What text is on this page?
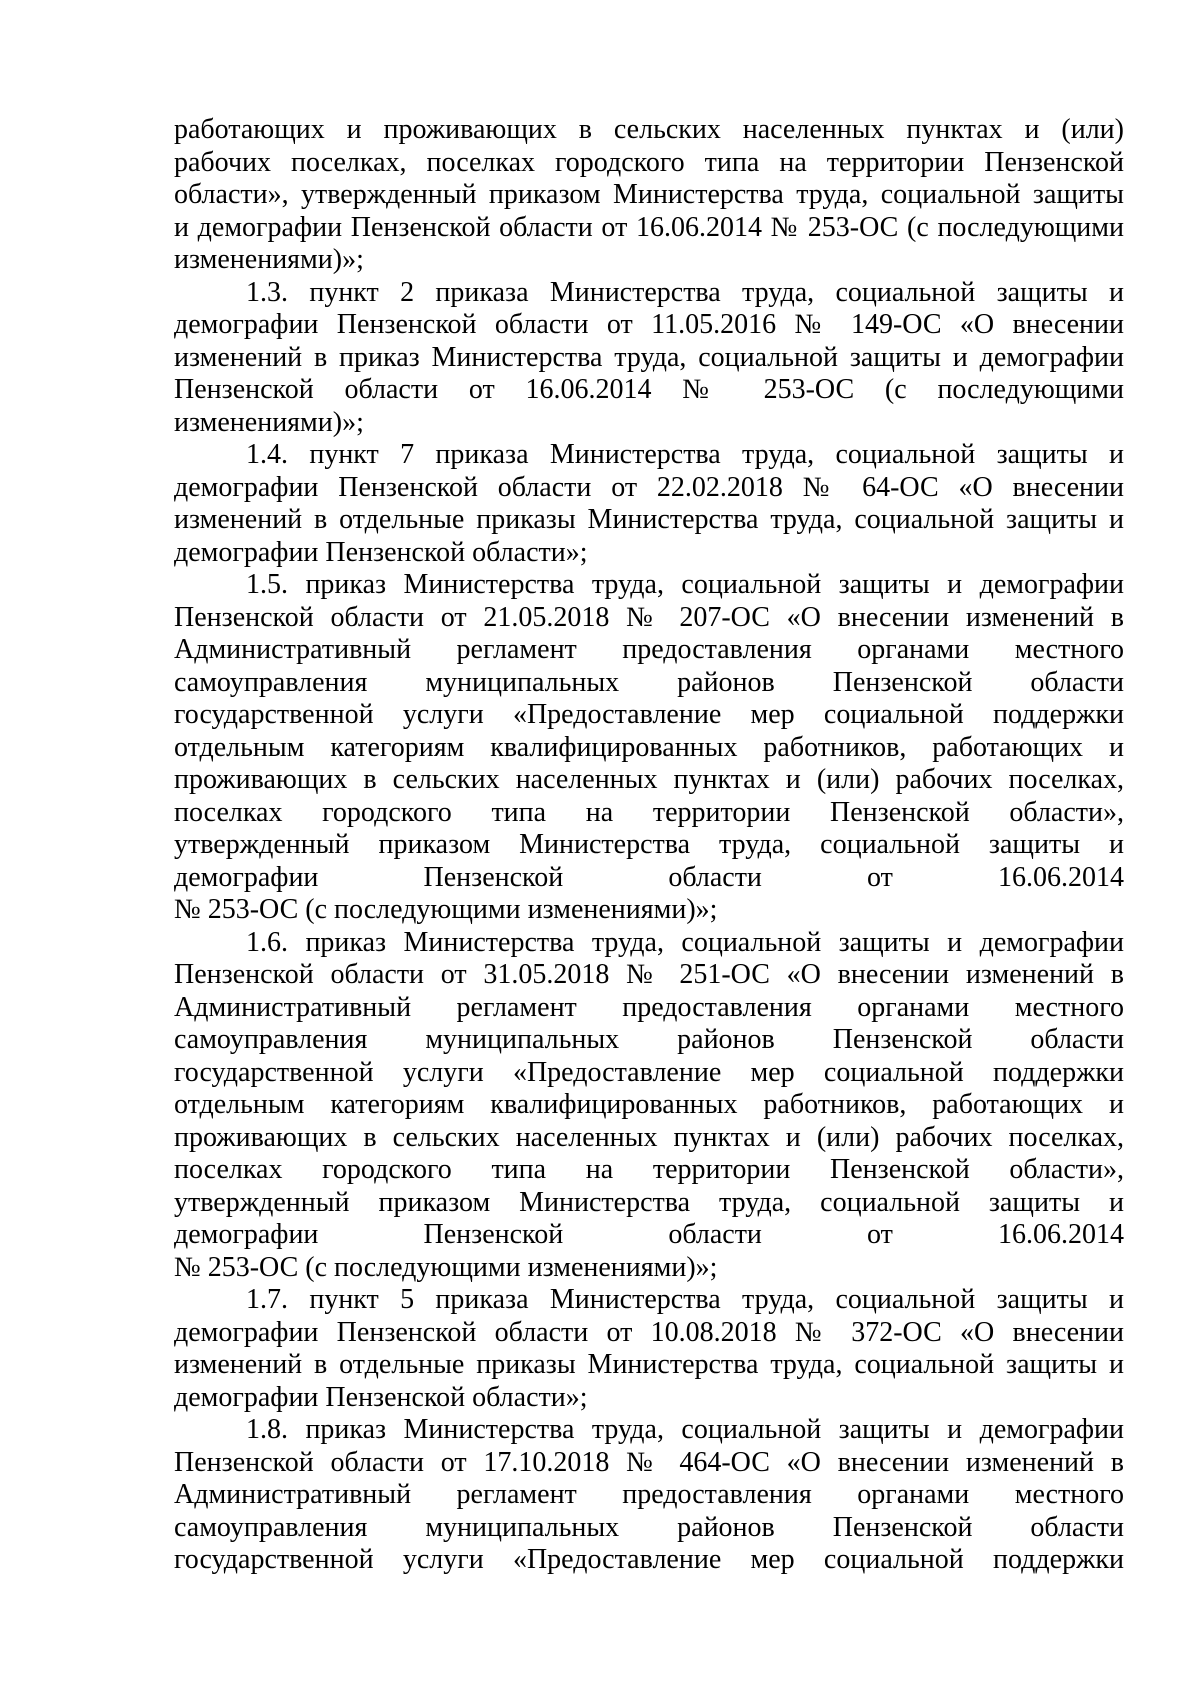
работающих и проживающих в сельских населенных пунктах и (или)
рабочих поселках, поселках городского типа на территории Пензенской
области», утвержденный приказом Министерства труда, социальной защиты
и демографии Пензенской области от 16.06.2014 № 253-ОС (с последующими
изменениями)»;
1.3. пункт 2 приказа Министерства труда, социальной защиты и
демографии Пензенской области от 11.05.2016 № 149-ОС «О внесении
изменений в приказ Министерства труда, социальной защиты и демографии
Пензенской области от 16.06.2014 № 253-ОС (с последующими
изменениями)»;
1.4. пункт 7 приказа Министерства труда, социальной защиты и
демографии Пензенской области от 22.02.2018 № 64-ОС «О внесении
изменений в отдельные приказы Министерства труда, социальной защиты и
демографии Пензенской области»;
1.5. приказ Министерства труда, социальной защиты и демографии
Пензенской области от 21.05.2018 № 207-ОС «О внесении изменений в
Административный регламент предоставления органами местного
самоуправления муниципальных районов Пензенской области
государственной услуги «Предоставление мер социальной поддержки
отдельным категориям квалифицированных работников, работающих и
проживающих в сельских населенных пунктах и (или) рабочих поселках,
поселках городского типа на территории Пензенской области»,
утвержденный приказом Министерства труда, социальной защиты и
демографии Пензенской области от 16.06.2014
№ 253-ОС (с последующими изменениями)»;
1.6. приказ Министерства труда, социальной защиты и демографии
Пензенской области от 31.05.2018 № 251-ОС «О внесении изменений в
Административный регламент предоставления органами местного
самоуправления муниципальных районов Пензенской области
государственной услуги «Предоставление мер социальной поддержки
отдельным категориям квалифицированных работников, работающих и
проживающих в сельских населенных пунктах и (или) рабочих поселках,
поселках городского типа на территории Пензенской области»,
утвержденный приказом Министерства труда, социальной защиты и
демографии Пензенской области от 16.06.2014
№ 253-ОС (с последующими изменениями)»;
1.7. пункт 5 приказа Министерства труда, социальной защиты и
демографии Пензенской области от 10.08.2018 № 372-ОС «О внесении
изменений в отдельные приказы Министерства труда, социальной защиты и
демографии Пензенской области»;
1.8. приказ Министерства труда, социальной защиты и демографии
Пензенской области от 17.10.2018 № 464-ОС «О внесении изменений в
Административный регламент предоставления органами местного
самоуправления муниципальных районов Пензенской области
государственной услуги «Предоставление мер социальной поддержки
